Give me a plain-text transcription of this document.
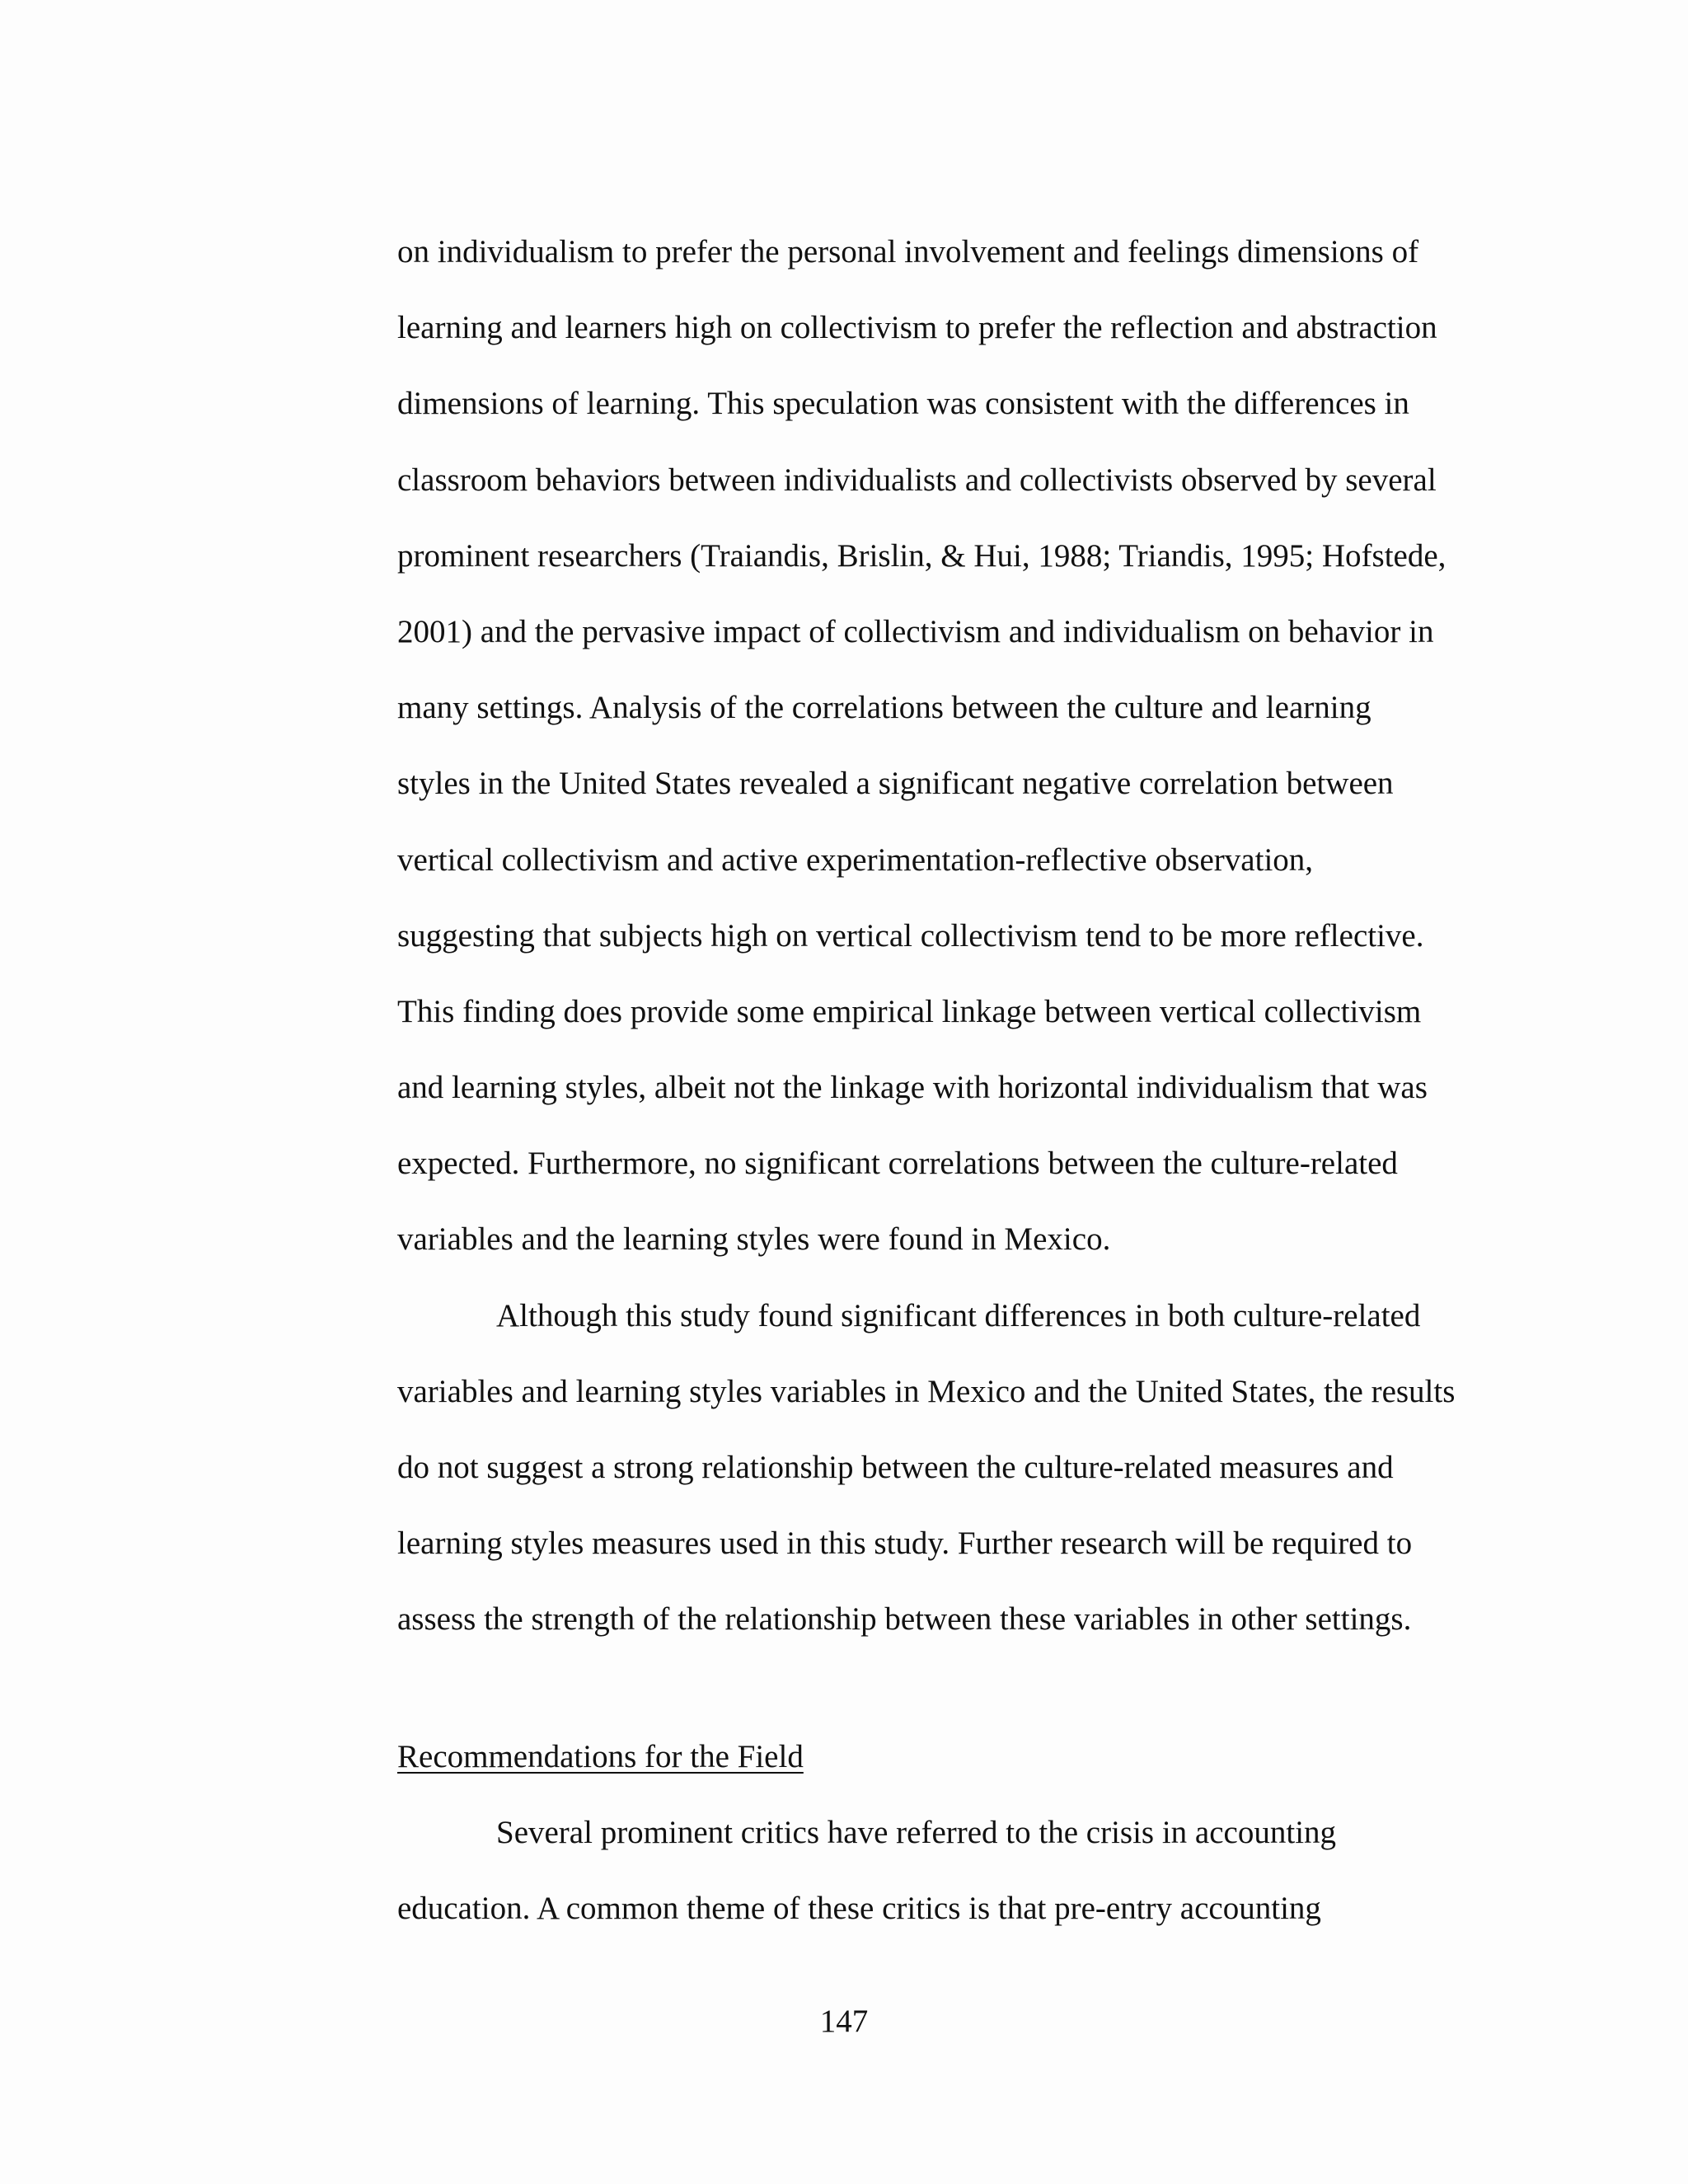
on individualism to prefer the personal involvement and feelings dimensions of
learning and learners high on collectivism to prefer the reflection and abstraction
dimensions of learning. This speculation was consistent with the differences in
classroom behaviors between individualists and collectivists observed by several
prominent researchers (Traiandis, Brislin, & Hui, 1988; Triandis, 1995; Hofstede,
2001) and the pervasive impact of collectivism and individualism on behavior in
many settings. Analysis of the correlations between the culture and learning
styles in the United States revealed a significant negative correlation between
vertical collectivism and active experimentation-reflective observation,
suggesting that subjects high on vertical collectivism tend to be more reflective.
This finding does provide some empirical linkage between vertical collectivism
and learning styles, albeit not the linkage with horizontal individualism that was
expected. Furthermore, no significant correlations between the culture-related
variables and the learning styles were found in Mexico.
Although this study found significant differences in both culture-related
variables and learning styles variables in Mexico and the United States, the results
do not suggest a strong relationship between the culture-related measures and
learning styles measures used in this study. Further research will be required to
assess the strength of the relationship between these variables in other settings.
Recommendations for the Field
Several prominent critics have referred to the crisis in accounting
education. A common theme of these critics is that pre-entry accounting
147
